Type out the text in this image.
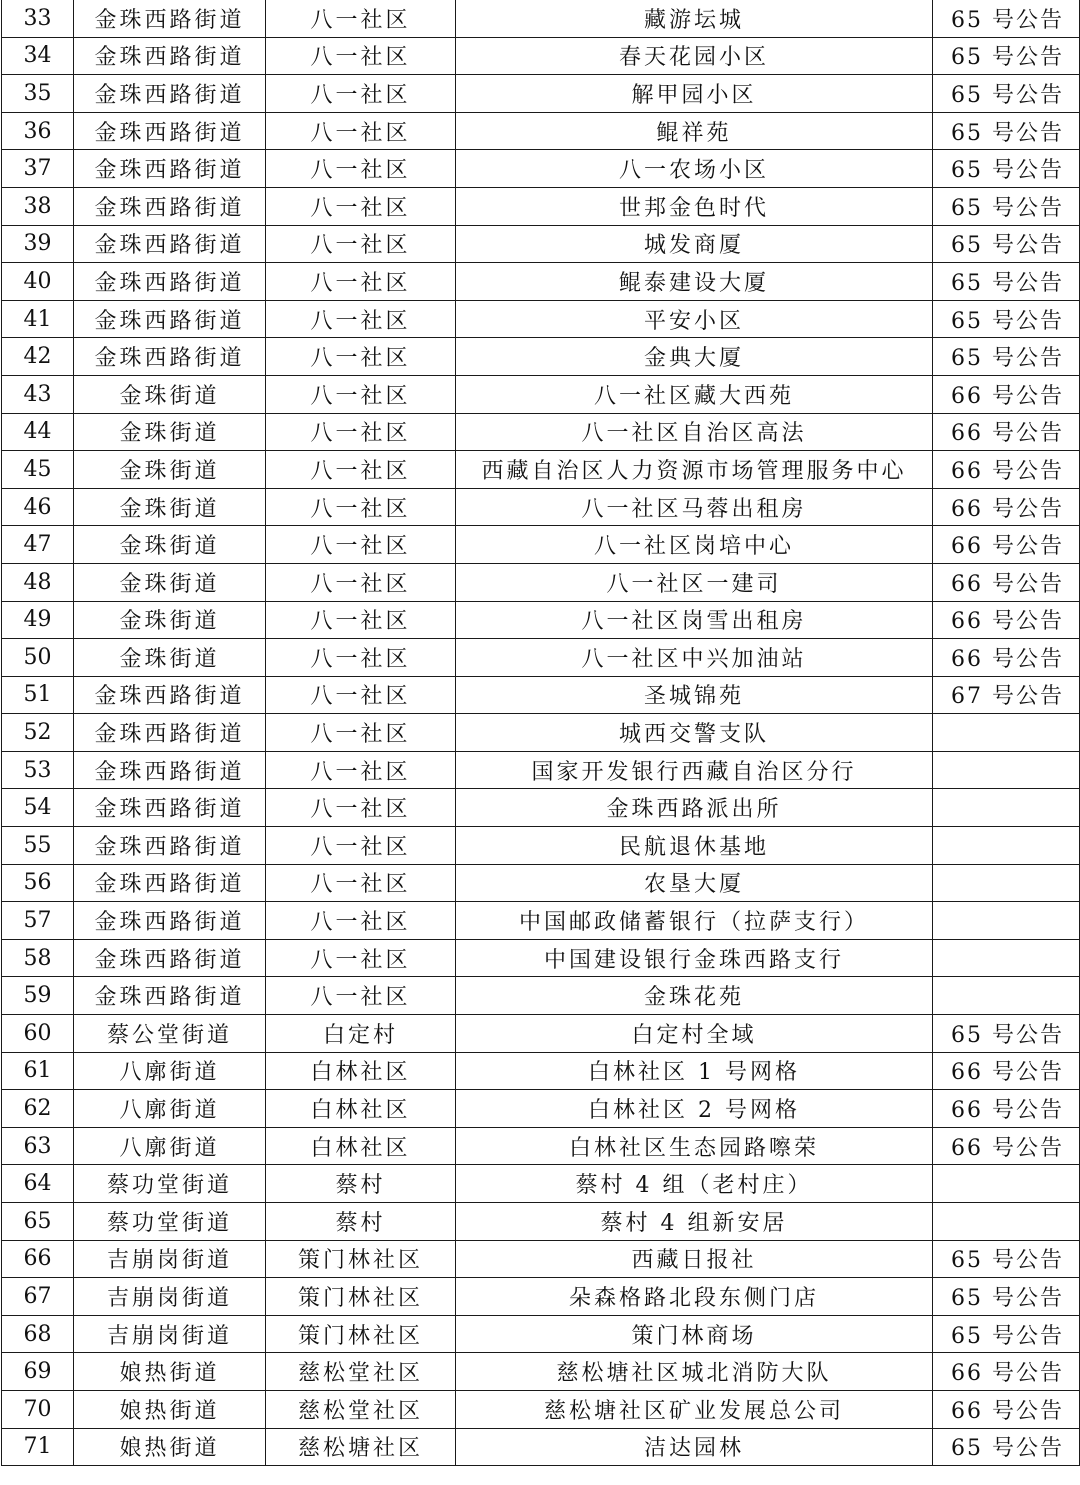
33	金珠西路街道	八一社区	藏游坛城	65 号公告
34	金珠西路街道	八一社区	春天花园小区	65 号公告
35	金珠西路街道	八一社区	解甲园小区	65 号公告
36	金珠西路街道	八一社区	鲲祥苑	65 号公告
37	金珠西路街道	八一社区	八一农场小区	65 号公告
38	金珠西路街道	八一社区	世邦金色时代	65 号公告
39	金珠西路街道	八一社区	城发商厦	65 号公告
40	金珠西路街道	八一社区	鲲泰建设大厦	65 号公告
41	金珠西路街道	八一社区	平安小区	65 号公告
42	金珠西路街道	八一社区	金典大厦	65 号公告
43	金珠街道	八一社区	八一社区藏大西苑	66 号公告
44	金珠街道	八一社区	八一社区自治区高法	66 号公告
45	金珠街道	八一社区	西藏自治区人力资源市场管理服务中心	66 号公告
46	金珠街道	八一社区	八一社区马蓉出租房	66 号公告
47	金珠街道	八一社区	八一社区岗培中心	66 号公告
48	金珠街道	八一社区	八一社区一建司	66 号公告
49	金珠街道	八一社区	八一社区岗雪出租房	66 号公告
50	金珠街道	八一社区	八一社区中兴加油站	66 号公告
51	金珠西路街道	八一社区	圣城锦苑	67 号公告
52	金珠西路街道	八一社区	城西交警支队	
53	金珠西路街道	八一社区	国家开发银行西藏自治区分行	
54	金珠西路街道	八一社区	金珠西路派出所	
55	金珠西路街道	八一社区	民航退休基地	
56	金珠西路街道	八一社区	农垦大厦	
57	金珠西路街道	八一社区	中国邮政储蓄银行（拉萨支行）	
58	金珠西路街道	八一社区	中国建设银行金珠西路支行	
59	金珠西路街道	八一社区	金珠花苑	
60	蔡公堂街道	白定村	白定村全域	65 号公告
61	八廓街道	白林社区	白林社区 1 号网格	66 号公告
62	八廓街道	白林社区	白林社区 2 号网格	66 号公告
63	八廓街道	白林社区	白林社区生态园路嚓荣	66 号公告
64	蔡功堂街道	蔡村	蔡村 4 组（老村庄）	
65	蔡功堂街道	蔡村	蔡村 4 组新安居	
66	吉崩岗街道	策门林社区	西藏日报社	65 号公告
67	吉崩岗街道	策门林社区	朵森格路北段东侧门店	65 号公告
68	吉崩岗街道	策门林社区	策门林商场	65 号公告
69	娘热街道	慈松堂社区	慈松塘社区城北消防大队	66 号公告
70	娘热街道	慈松堂社区	慈松塘社区矿业发展总公司	66 号公告
71	娘热街道	慈松塘社区	洁达园林	65 号公告
